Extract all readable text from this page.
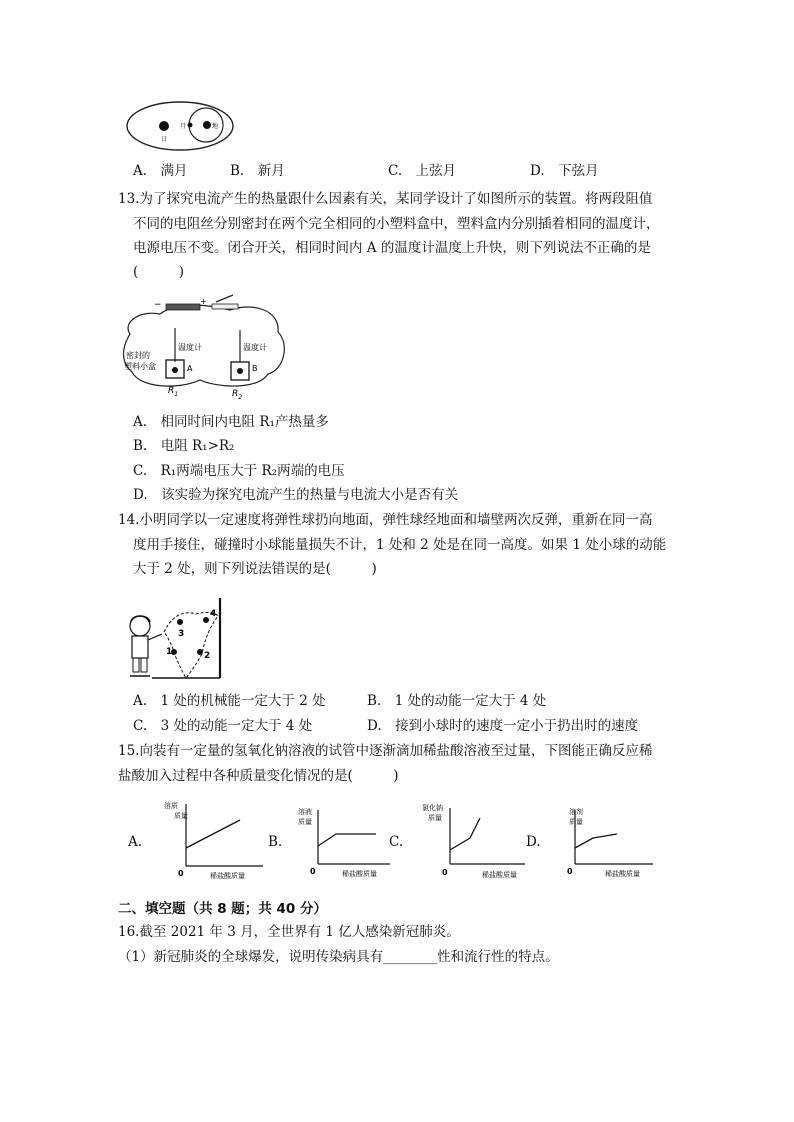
日
月	地
A.　满月	B.　新月	C.　上弦月	D.　下弦月
13.为了探究电流产生的热量跟什么因素有关，某同学设计了如图所示的装置。将两段阻值
不同的电阻丝分别密封在两个完全相同的小塑料盒中，塑料盒内分别插着相同的温度计，
电源电压不变。闭合开关，相同时间内 A 的温度计温度上升快，则下列说法不正确的是
(　　　)
−	+
温度计	温度计
A	B
密封的
塑料小盒
$R_1$	$R_2$
A.　相同时间内电阻 R₁产热量多
B.　电阻 R₁>R₂
C.　R₁两端电压大于 R₂两端的电压
D.　该实验为探究电流产生的热量与电流大小是否有关
14.小明同学以一定速度将弹性球扔向地面，弹性球经地面和墙壁两次反弹，重新在同一高
度用手接住，碰撞时小球能量损失不计，1 处和 2 处是在同一高度。如果 1 处小球的动能
大于 2 处，则下列说法错误的是(　　　)
1	2
3
4
A.　1 处的机械能一定大于 2 处	B.　1 处的动能一定大于 4 处
C.　3 处的动能一定大于 4 处	D.　接到小球时的速度一定小于扔出时的速度
15.向装有一定量的氢氧化钠溶液的试管中逐渐滴加稀盐酸溶液至过量，下图能正确反应稀
盐酸加入过程中各种质量变化情况的是(　　　)
A.
溶质
质量
0	稀盐酸质量
B.
溶液
质量
0	稀盐酸质量
C.
氯化钠
质量
0	稀盐酸质量
D.
溶剂
质量
0	稀盐酸质量
二、填空题（共 8 题；共 40 分）
16.截至 2021 年 3 月，全世界有 1 亿人感染新冠肺炎。
（1）新冠肺炎的全球爆发，说明传染病具有________性和流行性的特点。
